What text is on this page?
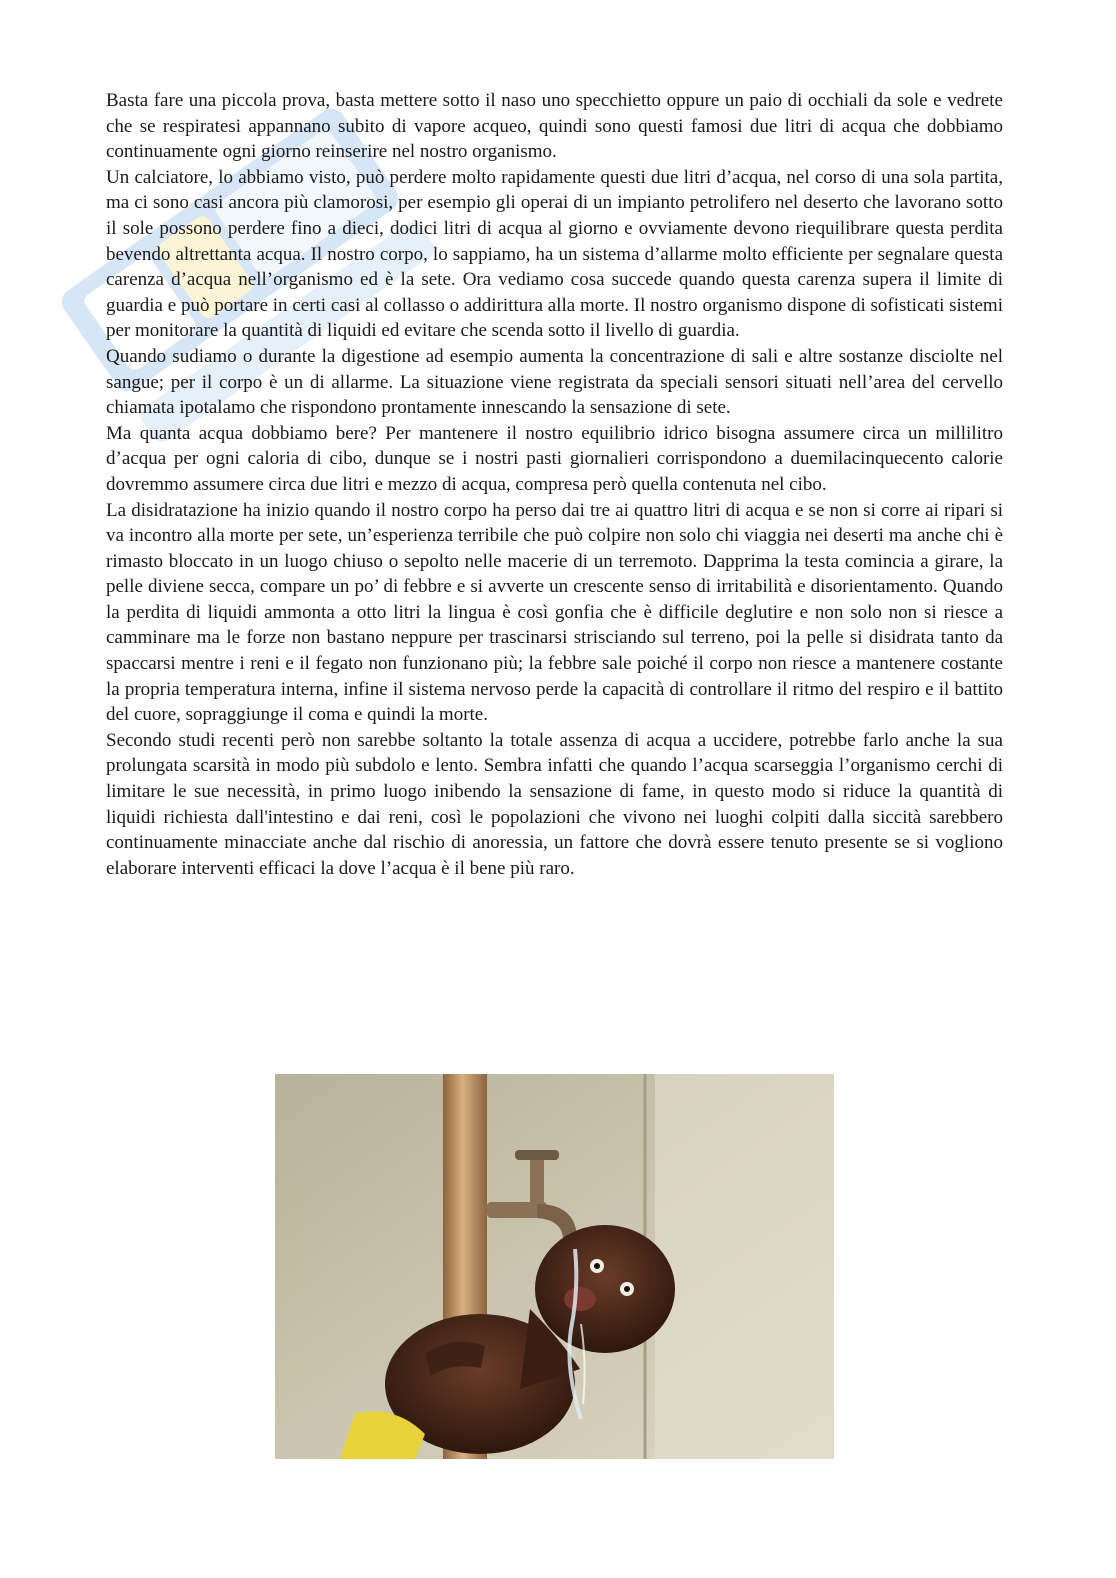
Basta fare una piccola prova, basta mettere sotto il naso uno specchietto oppure un paio di occhiali da sole e vedrete che se respiratesi appannano subito di vapore acqueo, quindi sono questi famosi due litri di acqua che dobbiamo continuamente ogni giorno reinserire nel nostro organismo.

Un calciatore, lo abbiamo visto, può perdere molto rapidamente questi due litri d’acqua, nel corso di una sola partita, ma ci sono casi ancora più clamorosi, per esempio gli operai di un impianto petrolifero nel deserto che lavorano sotto il sole possono perdere fino a dieci, dodici litri di acqua al giorno e ovviamente devono riequilibrare questa perdita bevendo altrettanta acqua. Il nostro corpo, lo sappiamo, ha un sistema d’allarme molto efficiente per segnalare questa carenza d’acqua nell’organismo ed è la sete. Ora vediamo cosa succede quando questa carenza supera il limite di guardia e può portare in certi casi al collasso o addirittura alla morte. Il nostro organismo dispone di sofisticati sistemi per monitorare la quantità di liquidi ed evitare che scenda sotto il livello di guardia.

Quando sudiamo o durante la digestione ad esempio aumenta la concentrazione di sali e altre sostanze disciolte nel sangue; per il corpo è un di allarme. La situazione viene registrata da speciali sensori situati nell’area del cervello chiamata ipotalamo che rispondono prontamente innescando la sensazione di sete.

Ma quanta acqua dobbiamo bere? Per mantenere il nostro equilibrio idrico bisogna assumere circa un millilitro d’acqua per ogni caloria di cibo, dunque se i nostri pasti giornalieri corrispondono a duemilacinquecento calorie dovremmo assumere circa due litri e mezzo di acqua, compresa però quella contenuta nel cibo.

La disidratazione ha inizio quando il nostro corpo ha perso dai tre ai quattro litri di acqua e se non si corre ai ripari si va incontro alla morte per sete, un’esperienza terribile che può colpire non solo chi viaggia nei deserti ma anche chi è rimasto bloccato in un luogo chiuso o sepolto nelle macerie di un terremoto. Dapprima la testa comincia a girare, la pelle diviene secca, compare un po’ di febbre e si avverte un crescente senso di irritabilità e disorientamento. Quando la perdita di liquidi ammonta a otto litri la lingua è così gonfia che è difficile deglutire e non solo non si riesce a camminare ma le forze non bastano neppure per trascinarsi strisciando sul terreno, poi la pelle si disidrata tanto da spaccarsi mentre i reni e il fegato non funzionano più; la febbre sale poiché il corpo non riesce a mantenere costante la propria temperatura interna, infine il sistema nervoso perde la capacità di controllare il ritmo del respiro e il battito del cuore, sopraggiunge il coma e quindi la morte.

Secondo studi recenti però non sarebbe soltanto la totale assenza di acqua a uccidere, potrebbe farlo anche la sua prolungata scarsità in modo più subdolo e lento. Sembra infatti che quando l’acqua scarseggia l’organismo cerchi di limitare le sue necessità, in primo luogo inibendo la sensazione di fame, in questo modo si riduce la quantità di liquidi richiesta dall'intestino e dai reni, così le popolazioni che vivono nei luoghi colpiti dalla siccità sarebbero continuamente minacciate anche dal rischio di anoressia, un fattore che dovrà essere tenuto presente se si vogliono elaborare interventi efficaci la dove l’acqua è il bene più raro.
